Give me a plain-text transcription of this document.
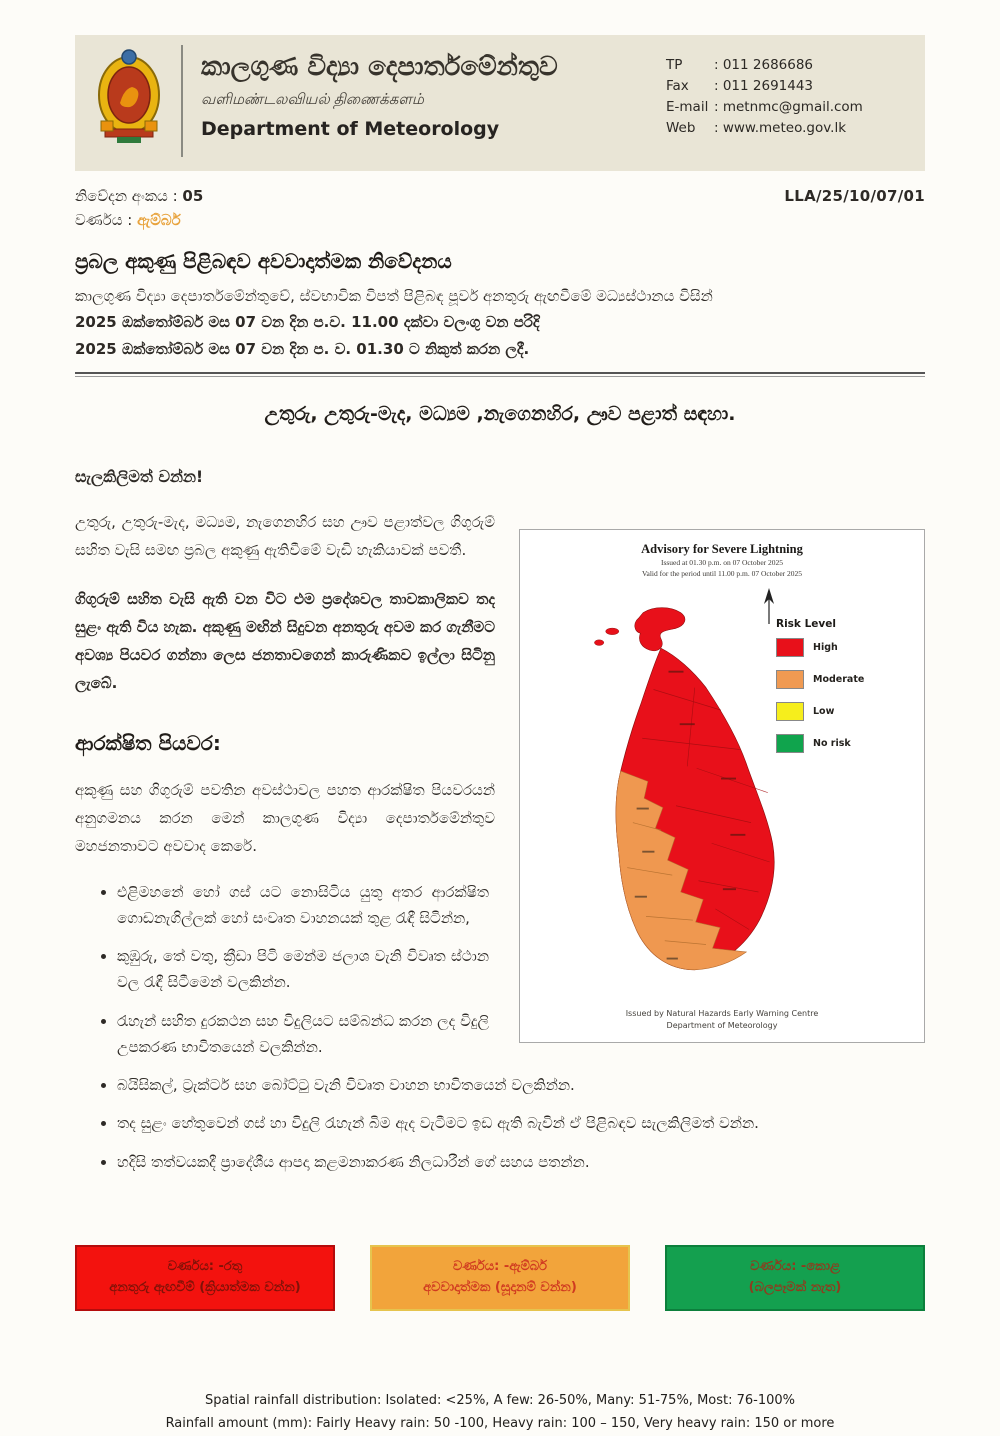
කාලගුණ විද්‍යා දෙපාර්තමේන්තුව
வளிமண்டலவியல் திணைக்களம்
Department of Meteorology
TP	: 011 2686686
Fax	: 011 2691443
E-mail : metnmc@gmail.com
Web	: www.meteo.gov.lk
නිවේදන අංකය : 05	LLA/25/10/07/01
වර්ණය : ඇම්බර්
ප්‍රබල අකුණු පිළිබඳව අවවාදාත්මක නිවේදනය
කාලගුණ විද්‍යා දෙපාර්තමේන්තුවේ, ස්වභාවික විපත් පිළිබඳ පූර්ව අනතුරු ඇඟවීමේ මධ්‍යස්ථානය විසින්
2025 ඔක්තෝම්බර් මස 07 වන දින ප.ව. 11.00 දක්වා වලංගු වන පරිදි
2025 ඔක්තෝම්බර් මස 07 වන දින ප. ව. 01.30 ට නිකුත් කරන ලදී.
උතුරු, උතුරු-මැද, මධ්‍යම ,නැගෙනහිර, ඌව පළාත් සඳහා.
සැලකිලිමත් වන්න!
Advisory for Severe Lightning
Issued at 01.30 p.m. on 07 October 2025
Valid for the period until 11.00 p.m. 07 October 2025
Risk Level
High
Moderate
Low
No risk
Issued by Natural Hazards Early Warning Centre
Department of Meteorology
උතුරු, උතුරු-මැද, මධ්‍යම, නැගෙනහිර සහ ඌව පළාත්වල ගිගුරුම් සහිත වැසි සමඟ ප්‍රබල අකුණු ඇතිවීමේ වැඩි හැකියාවක් පවතී.
ගිගුරුම් සහිත වැසි ඇති වන විට එම ප්‍රදේශවල තාවකාලිකව තද සුළං ඇති විය හැක. අකුණු මඟින් සිදුවන අනතුරු අවම කර ගැනීමට අවශ්‍ය පියවර ගන්නා ලෙස ජනතාවගෙන් කාරුණිකව ඉල්ලා සිටිනු ලැබේ.
ආරක්ෂිත පියවර:
අකුණු සහ ගිගුරුම් පවතින අවස්ථාවල පහත ආරක්ෂිත පියවරයන් අනුගමනය කරන මෙන් කාලගුණ විද්‍යා දෙපාර්තමේන්තුව මහජනතාවට අවවාද කෙරේ.
• එළිමහනේ හෝ ගස් යට නොසිටිය යුතු අතර ආරක්ෂිත ගොඩනැගිල්ලක් හෝ සංවෘත වාහනයක් තුළ රැඳී සිටින්න,
• කුඹුරු, තේ වතු, ක්‍රීඩා පිටි මෙන්ම ජලාශ වැනි විවෘත ස්ථාන වල රැඳී සිටීමෙන් වලකින්න.
• රැහැන් සහිත දුරකථන සහ විදුලියට සම්බන්ධ කරන ලද විදුලි උපකරණ භාවිතයෙන් වලකින්න.
• බයිසිකල්, ට්‍රැක්ටර් සහ බෝට්ටු වැනි විවෘත වාහන භාවිතයෙන් වලකින්න.
• තද සුළං හේතුවෙන් ගස් හා විදුලි රැහැන් බිම ඇද වැටීමට ඉඩ ඇති බැවින් ඒ පිළිබඳව සැලකිලිමත් වන්න.
• හදිසි තත්වයකදී ප්‍රාදේශීය ආපදා කළමනාකරණ නිලධාරීන් ගේ සහය පතන්න.
වර්ණය: -රතු
අනතුරු ඇඟවීම් (ක්‍රියාත්මක වන්න)
වර්ණය: -ඇම්බර්
අවවාදාත්මක (සූදානම් වන්න)
වර්ණය: -කොළ
(බලපෑමක් නැත)
Spatial rainfall distribution: Isolated: <25%, A few: 26-50%, Many: 51-75%, Most: 76-100%
Rainfall amount (mm): Fairly Heavy rain: 50 -100, Heavy rain: 100 – 150, Very heavy rain: 150 or more
